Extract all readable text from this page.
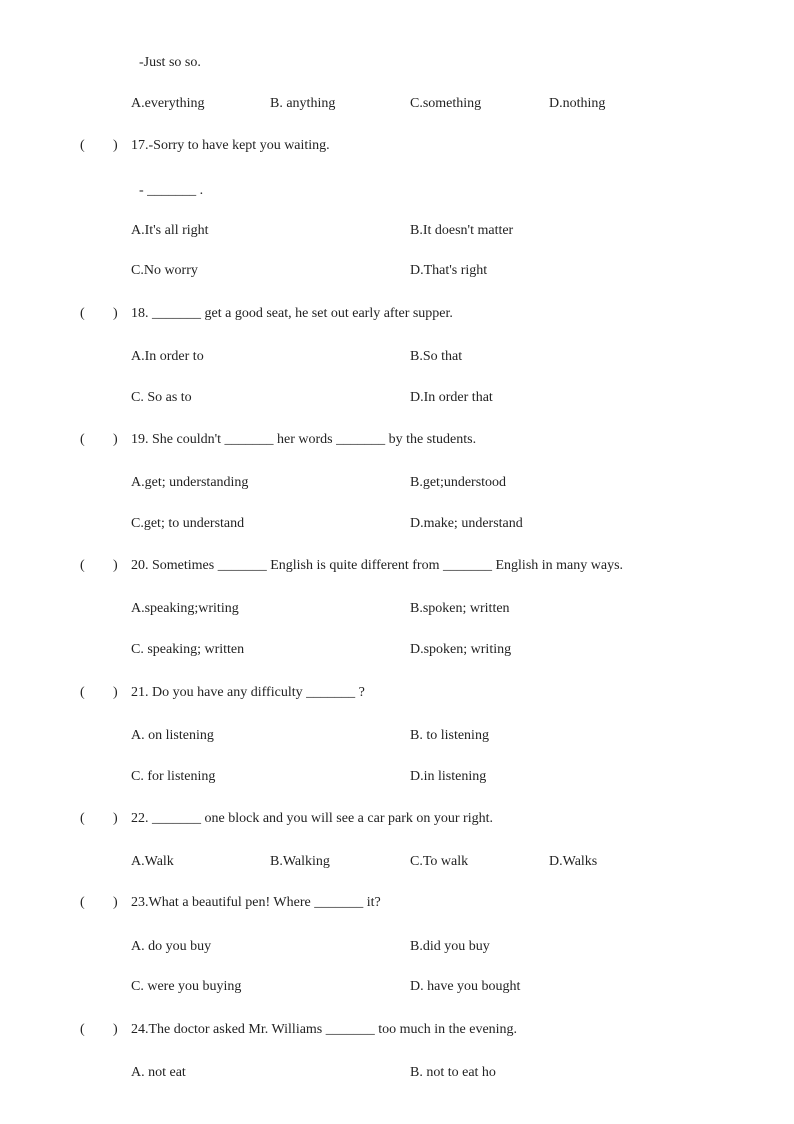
-Just so so.
A.everything	B. anything	C.something	D.nothing
( ) 17.-Sorry to have kept you waiting.
- _______ .
A.It's all right	B.It doesn't matter
C.No worry	D.That's right
( ) 18. _______ get a good seat, he set out early after supper.
A.In order to	B.So that
C. So as to	D.In order that
( ) 19. She couldn't _______ her words _______ by the students.
A.get; understanding	B.get;understood
C.get; to understand	D.make; understand
( ) 20. Sometimes _______ English is quite different from _______ English in many ways.
A.speaking;writing	B.spoken; written
C. speaking; written	D.spoken; writing
( ) 21. Do you have any difficulty _______ ?
A. on listening	B. to listening
C. for listening	D.in listening
( ) 22. _______ one block and you will see a car park on your right.
A.Walk	B.Walking	C.To walk	D.Walks
( ) 23.What a beautiful pen! Where _______ it?
A. do you buy	B.did you buy
C. were you buying	D. have you bought
( ) 24.The doctor asked Mr. Williams _______ too much in the evening.
A. not eat	B. not to eat ho
